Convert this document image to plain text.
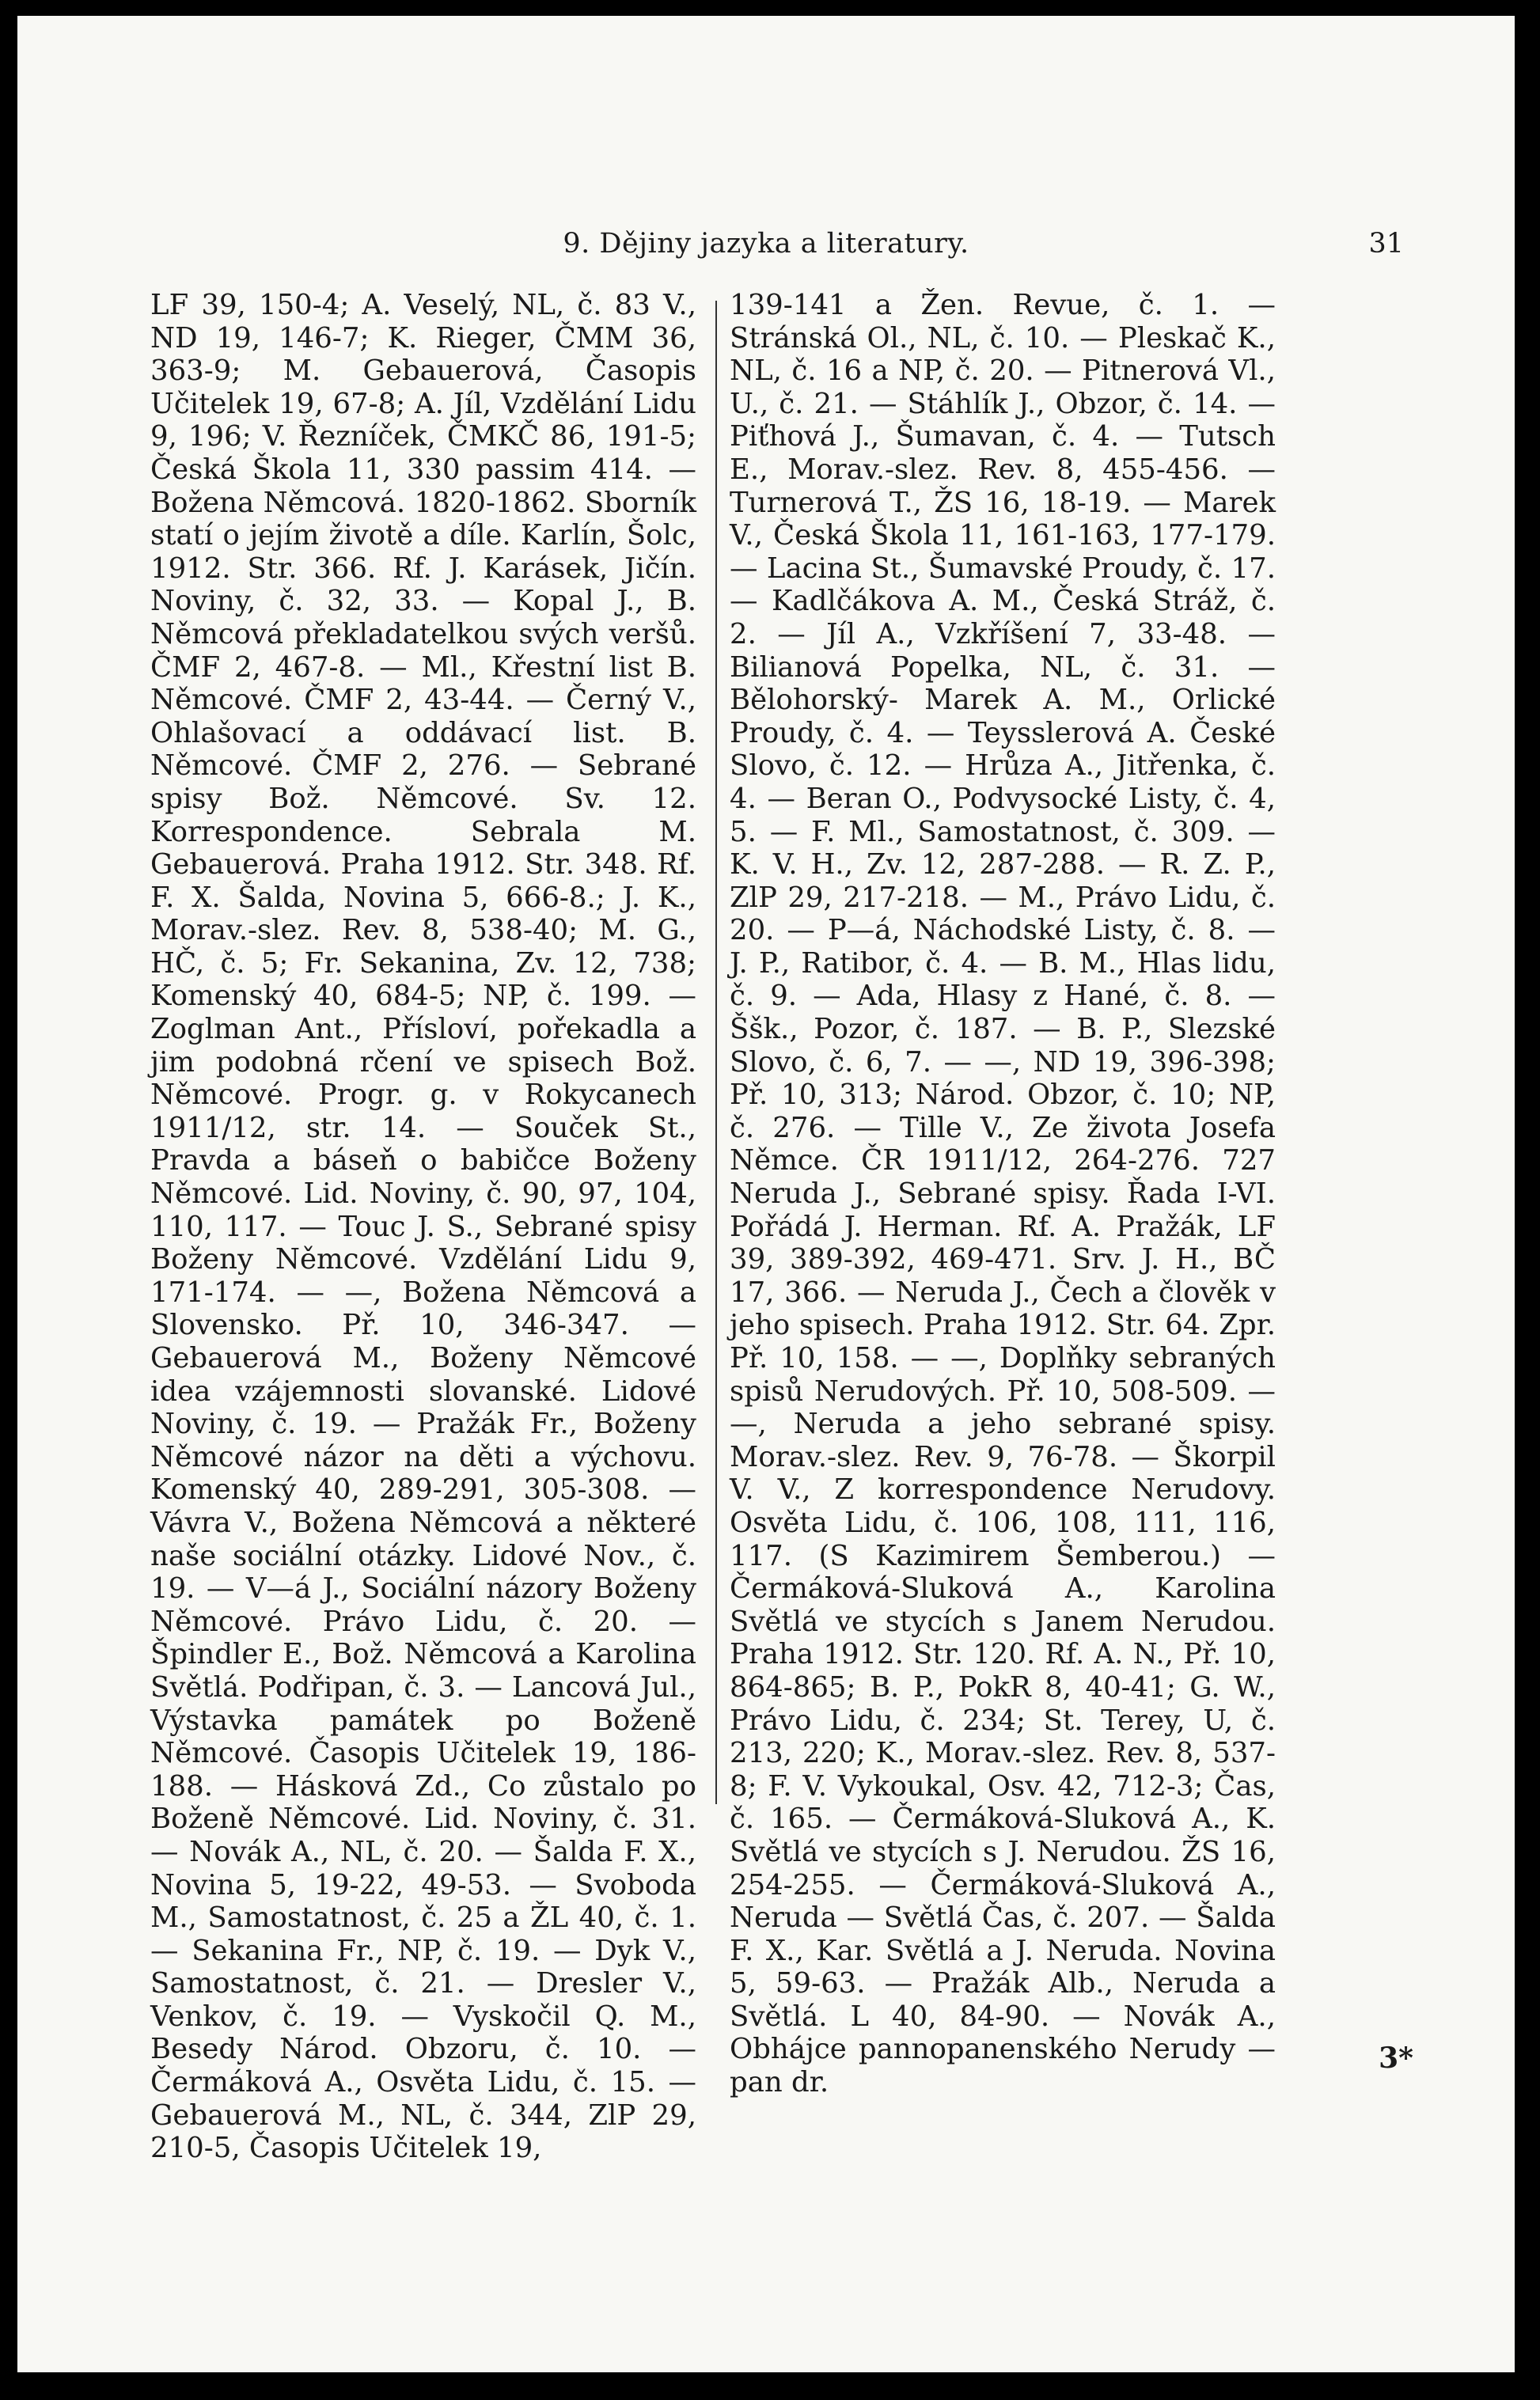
9. Dějiny jazyka a literatury.	31

LF 39, 150-4; A. Veselý, NL, č. 83 V., ND 19, 146-7; K. Rieger, ČMM 36, 363-9; M. Gebauerová, Časopis Učitelek 19, 67-8; A. Jíl, Vzdělání Lidu 9, 196; V. Řezníček, ČMKČ 86, 191-5; Česká Škola 11, 330 passim 414. — Božena Němcová. 1820-1862. Sborník statí o jejím životě a díle. Karlín, Šolc, 1912. Str. 366. Rf. J. Karásek, Jičín. Noviny, č. 32, 33. — Kopal J., B. Němcová překladatelkou svých veršů. ČMF 2, 467-8. — Ml., Křestní list B. Němcové. ČMF 2, 43-44. — Černý V., Ohlašovací a oddávací list. B. Němcové. ČMF 2, 276. — Sebrané spisy Bož. Němcové. Sv. 12. Korrespondence. Sebrala M. Gebauerová. Praha 1912. Str. 348. Rf. F. X. Šalda, Novina 5, 666-8.; J. K., Morav.-slez. Rev. 8, 538-40; M. G., HČ, č. 5; Fr. Sekanina, Zv. 12, 738; Komenský 40, 684-5; NP, č. 199. — Zoglman Ant., Přísloví, pořekadla a jim podobná rčení ve spisech Bož. Němcové. Progr. g. v Rokycanech 1911/12, str. 14. — Souček St., Pravda a báseň o babičce Boženy Němcové. Lid. Noviny, č. 90, 97, 104, 110, 117. — Touc J. S., Sebrané spisy Boženy Němcové. Vzdělání Lidu 9, 171-174. — —, Božena Němcová a Slovensko. Př. 10, 346-347. — Gebauerová M., Boženy Němcové idea vzájemnosti slovanské. Lidové Noviny, č. 19. — Pražák Fr., Boženy Němcové názor na děti a výchovu. Komenský 40, 289-291, 305-308. — Vávra V., Božena Němcová a některé naše sociální otázky. Lidové Nov., č. 19. — V—á J., Sociální názory Boženy Němcové. Právo Lidu, č. 20. — Špindler E., Bož. Němcová a Karolina Světlá. Podřipan, č. 3. — Lancová Jul., Výstavka památek po Boženě Němcové. Časopis Učitelek 19, 186-188. — Hásková Zd., Co zůstalo po Boženě Němcové. Lid. Noviny, č. 31. — Novák A., NL, č. 20. — Šalda F. X., Novina 5, 19-22, 49-53. — Svoboda M., Samostatnost, č. 25 a ŽL 40, č. 1. — Sekanina Fr., NP, č. 19. — Dyk V., Samostatnost, č. 21. — Dresler V., Venkov, č. 19. — Vyskočil Q. M., Besedy Národ. Obzoru, č. 10. — Čermáková A., Osvěta Lidu, č. 15. — Gebauerová M., NL, č. 344, ZlP 29, 210-5, Časopis Učitelek 19,

139-141 a Žen. Revue, č. 1. — Stránská Ol., NL, č. 10. — Pleskač K., NL, č. 16 a NP, č. 20. — Pitnerová Vl., U., č. 21. — Stáhlík J., Obzor, č. 14. — Piťhová J., Šumavan, č. 4. — Tutsch E., Morav.-slez. Rev. 8, 455-456. — Turnerová T., ŽS 16, 18-19. — Marek V., Česká Škola 11, 161-163, 177-179. — Lacina St., Šumavské Proudy, č. 17. — Kadlčákova A. M., Česká Stráž, č. 2. — Jíl A., Vzkříšení 7, 33-48. — Bilianová Popelka, NL, č. 31. — Bělohorský- Marek A. M., Orlické Proudy, č. 4. — Teysslerová A. České Slovo, č. 12. — Hrůza A., Jitřenka, č. 4. — Beran O., Podvysocké Listy, č. 4, 5. — F. Ml., Samostatnost, č. 309. — K. V. H., Zv. 12, 287-288. — R. Z. P., ZlP 29, 217-218. — M., Právo Lidu, č. 20. — P—á, Náchodské Listy, č. 8. — J. P., Ratibor, č. 4. — B. M., Hlas lidu, č. 9. — Ada, Hlasy z Hané, č. 8. — Ššk., Pozor, č. 187. — B. P., Slezské Slovo, č. 6, 7. — —, ND 19, 396-398; Př. 10, 313; Národ. Obzor, č. 10; NP, č. 276. — Tille V., Ze života Josefa Němce. ČR 1911/12, 264-276. 727 Neruda J., Sebrané spisy. Řada I-VI. Pořádá J. Herman. Rf. A. Pražák, LF 39, 389-392, 469-471. Srv. J. H., BČ 17, 366. — Neruda J., Čech a člověk v jeho spisech. Praha 1912. Str. 64. Zpr. Př. 10, 158. — —, Doplňky sebraných spisů Nerudových. Př. 10, 508-509. — —, Neruda a jeho sebrané spisy. Morav.-slez. Rev. 9, 76-78. — Škorpil V. V., Z korrespondence Nerudovy. Osvěta Lidu, č. 106, 108, 111, 116, 117. (S Kazimirem Šemberou.) — Čermáková-Sluková A., Karolina Světlá ve stycích s Janem Nerudou. Praha 1912. Str. 120. Rf. A. N., Př. 10, 864-865; B. P., PokR 8, 40-41; G. W., Právo Lidu, č. 234; St. Terey, U, č. 213, 220; K., Morav.-slez. Rev. 8, 537-8; F. V. Vykoukal, Osv. 42, 712-3; Čas, č. 165. — Čermáková-Sluková A., K. Světlá ve stycích s J. Nerudou. ŽS 16, 254-255. — Čermáková-Sluková A., Neruda — Světlá Čas, č. 207. — Šalda F. X., Kar. Světlá a J. Neruda. Novina 5, 59-63. — Pražák Alb., Neruda a Světlá. L 40, 84-90. — Novák A., Obhájce pannopanenského Nerudy — pan dr.

3*
